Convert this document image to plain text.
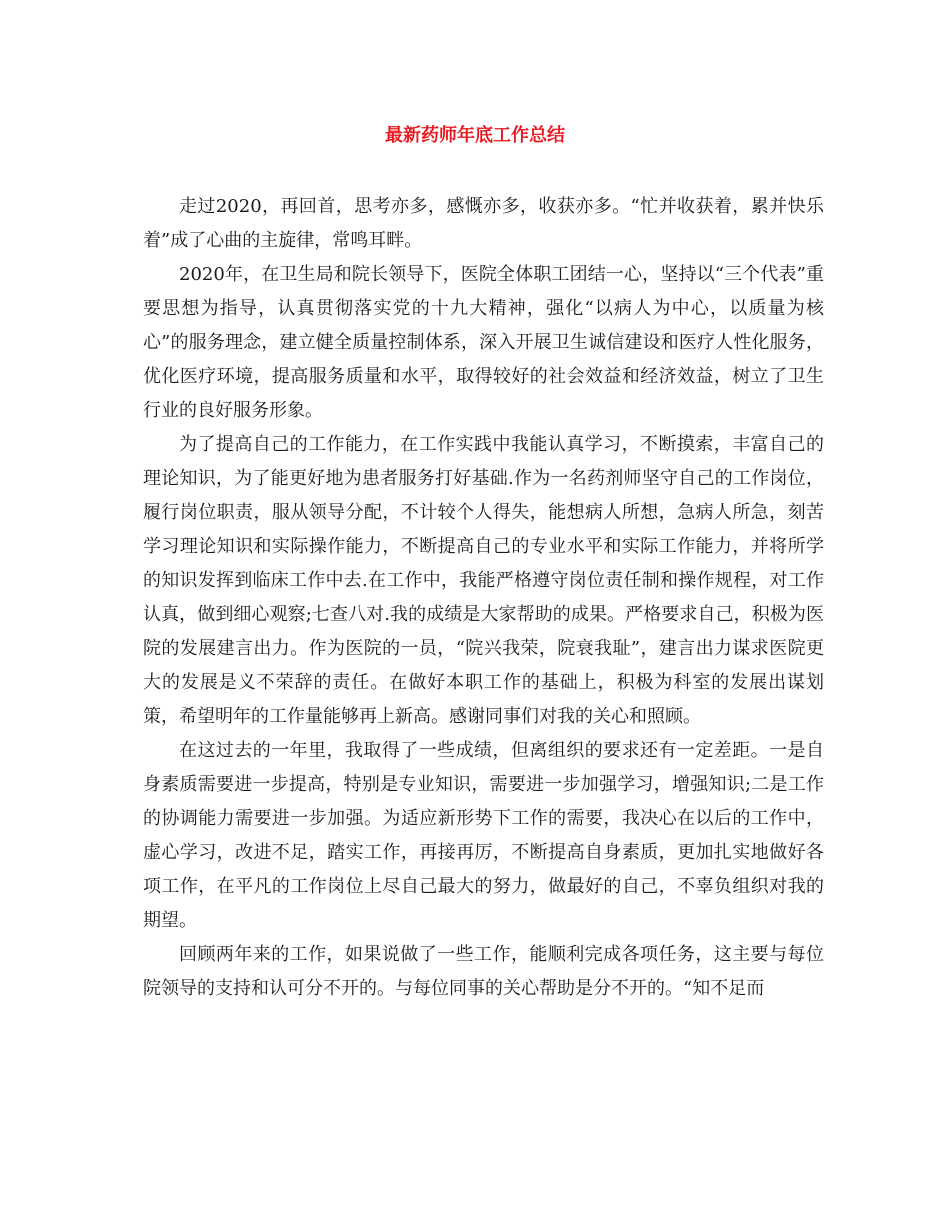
最新药师年底工作总结

走过2020，再回首，思考亦多，感慨亦多，收获亦多。“忙并收获着，累并快乐着”成了心曲的主旋律，常鸣耳畔。

2020年，在卫生局和院长领导下，医院全体职工团结一心，坚持以“三个代表”重要思想为指导，认真贯彻落实党的十九大精神，强化“以病人为中心，以质量为核心”的服务理念，建立健全质量控制体系，深入开展卫生诚信建设和医疗人性化服务，优化医疗环境，提高服务质量和水平，取得较好的社会效益和经济效益，树立了卫生行业的良好服务形象。

为了提高自己的工作能力，在工作实践中我能认真学习，不断摸索，丰富自己的理论知识，为了能更好地为患者服务打好基础.作为一名药剂师坚守自己的工作岗位，履行岗位职责，服从领导分配，不计较个人得失，能想病人所想，急病人所急，刻苦学习理论知识和实际操作能力，不断提高自己的专业水平和实际工作能力，并将所学的知识发挥到临床工作中去.在工作中，我能严格遵守岗位责任制和操作规程，对工作认真，做到细心观察;七查八对.我的成绩是大家帮助的成果。严格要求自己，积极为医院的发展建言出力。作为医院的一员，“院兴我荣，院衰我耻”，建言出力谋求医院更大的发展是义不荣辞的责任。在做好本职工作的基础上，积极为科室的发展出谋划策，希望明年的工作量能够再上新高。感谢同事们对我的关心和照顾。

在这过去的一年里，我取得了一些成绩，但离组织的要求还有一定差距。一是自身素质需要进一步提高，特别是专业知识，需要进一步加强学习，增强知识;二是工作的协调能力需要进一步加强。为适应新形势下工作的需要，我决心在以后的工作中，虚心学习，改进不足，踏实工作，再接再厉，不断提高自身素质，更加扎实地做好各项工作，在平凡的工作岗位上尽自己最大的努力，做最好的自己，不辜负组织对我的期望。

回顾两年来的工作，如果说做了一些工作，能顺利完成各项任务，这主要与每位院领导的支持和认可分不开的。与每位同事的关心帮助是分不开的。“知不足而
